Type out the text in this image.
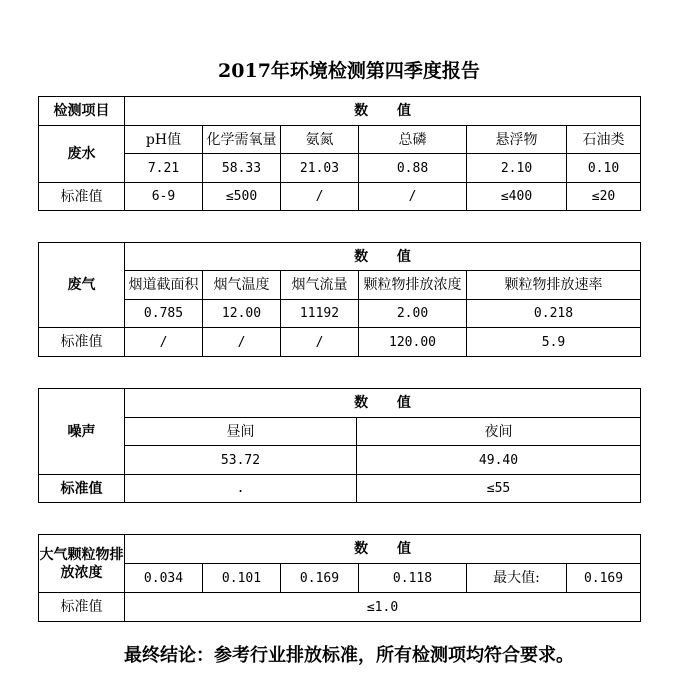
2017年环境检测第四季度报告
检测项目	数 值					
废水	pH值	化学需氧量	氨氮	总磷	悬浮物	石油类
	7.21	58.33	21.03	0.88	2.10	0.10
标准值	6-9	≤500	/	/	≤400	≤20
废气	数 值				
	烟道截面积	烟气温度	烟气流量	颗粒物排放浓度	颗粒物排放速率
	0.785	12.00	11192	2.00	0.218
标准值	/	/	/	120.00	5.9
噪声	数 值	
	昼间	夜间
	53.72	49.40
标准值	.	≤55
大气颗粒物排放浓度	数 值					
	0.034	0.101	0.169	0.118	最大值:	0.169
标准值	≤1.0					
最终结论：参考行业排放标准，所有检测项均符合要求。
